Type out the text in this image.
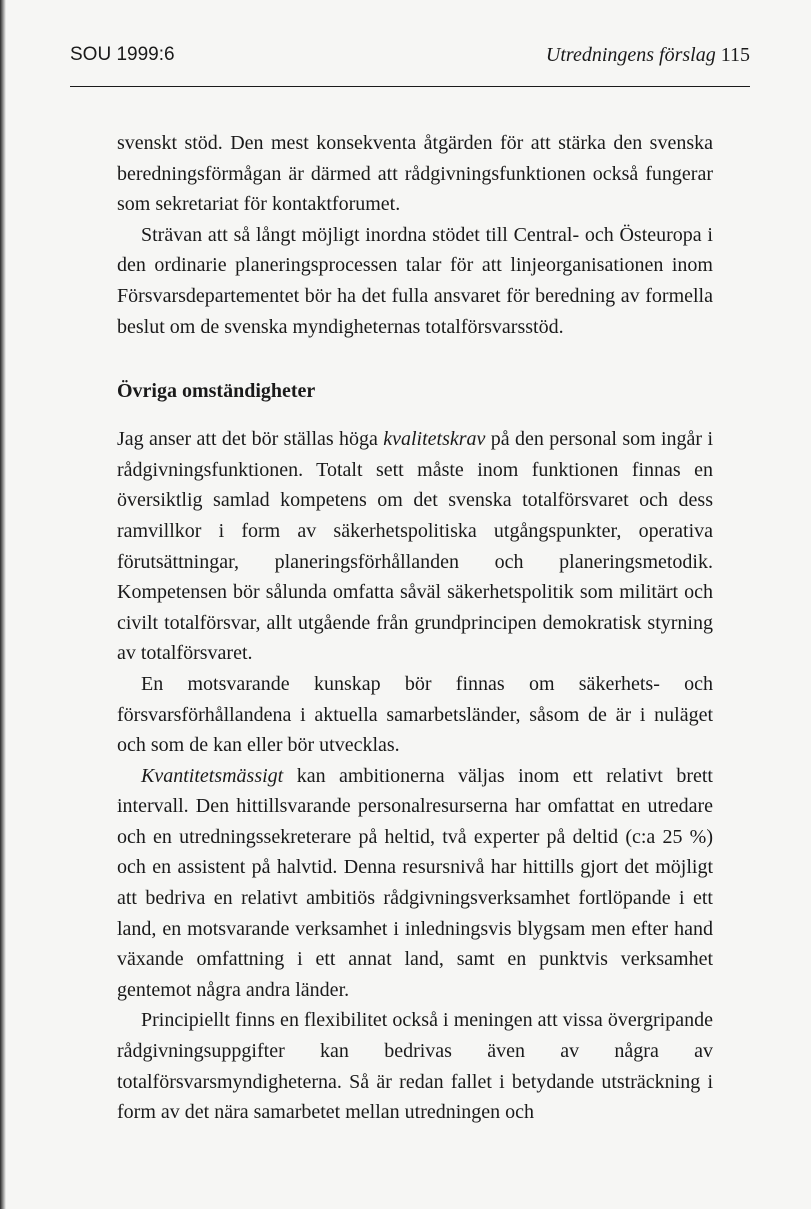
SOU 1999:6	Utredningens förslag 115

svenskt stöd. Den mest konsekventa åtgärden för att stärka den svenska beredningsförmågan är därmed att rådgivningsfunktionen också fungerar som sekretariat för kontaktforumet.

Strävan att så långt möjligt inordna stödet till Central- och Östeuropa i den ordinarie planeringsprocessen talar för att linjeorganisationen inom Försvarsdepartementet bör ha det fulla ansvaret för beredning av formella beslut om de svenska myndigheternas totalförsvarsstöd.

Övriga omständigheter

Jag anser att det bör ställas höga kvalitetskrav på den personal som ingår i rådgivningsfunktionen. Totalt sett måste inom funktionen finnas en översiktlig samlad kompetens om det svenska totalförsvaret och dess ramvillkor i form av säkerhetspolitiska utgångspunkter, operativa förutsättningar, planeringsförhållanden och planeringsmetodik. Kompetensen bör sålunda omfatta såväl säkerhetspolitik som militärt och civilt totalförsvar, allt utgående från grundprincipen demokratisk styrning av totalförsvaret.

En motsvarande kunskap bör finnas om säkerhets- och försvarsförhållandena i aktuella samarbetsländer, såsom de är i nuläget och som de kan eller bör utvecklas.

Kvantitetsmässigt kan ambitionerna väljas inom ett relativt brett intervall. Den hittillsvarande personalresurserna har omfattat en utredare och en utredningssekreterare på heltid, två experter på deltid (c:a 25 %) och en assistent på halvtid. Denna resursnivå har hittills gjort det möjligt att bedriva en relativt ambitiös rådgivningsverksamhet fortlöpande i ett land, en motsvarande verksamhet i inledningsvis blygsam men efter hand växande omfattning i ett annat land, samt en punktvis verksamhet gentemot några andra länder.

Principiellt finns en flexibilitet också i meningen att vissa övergripande rådgivningsuppgifter kan bedrivas även av några av totalförsvarsmyndigheterna. Så är redan fallet i betydande utsträckning i form av det nära samarbetet mellan utredningen och
